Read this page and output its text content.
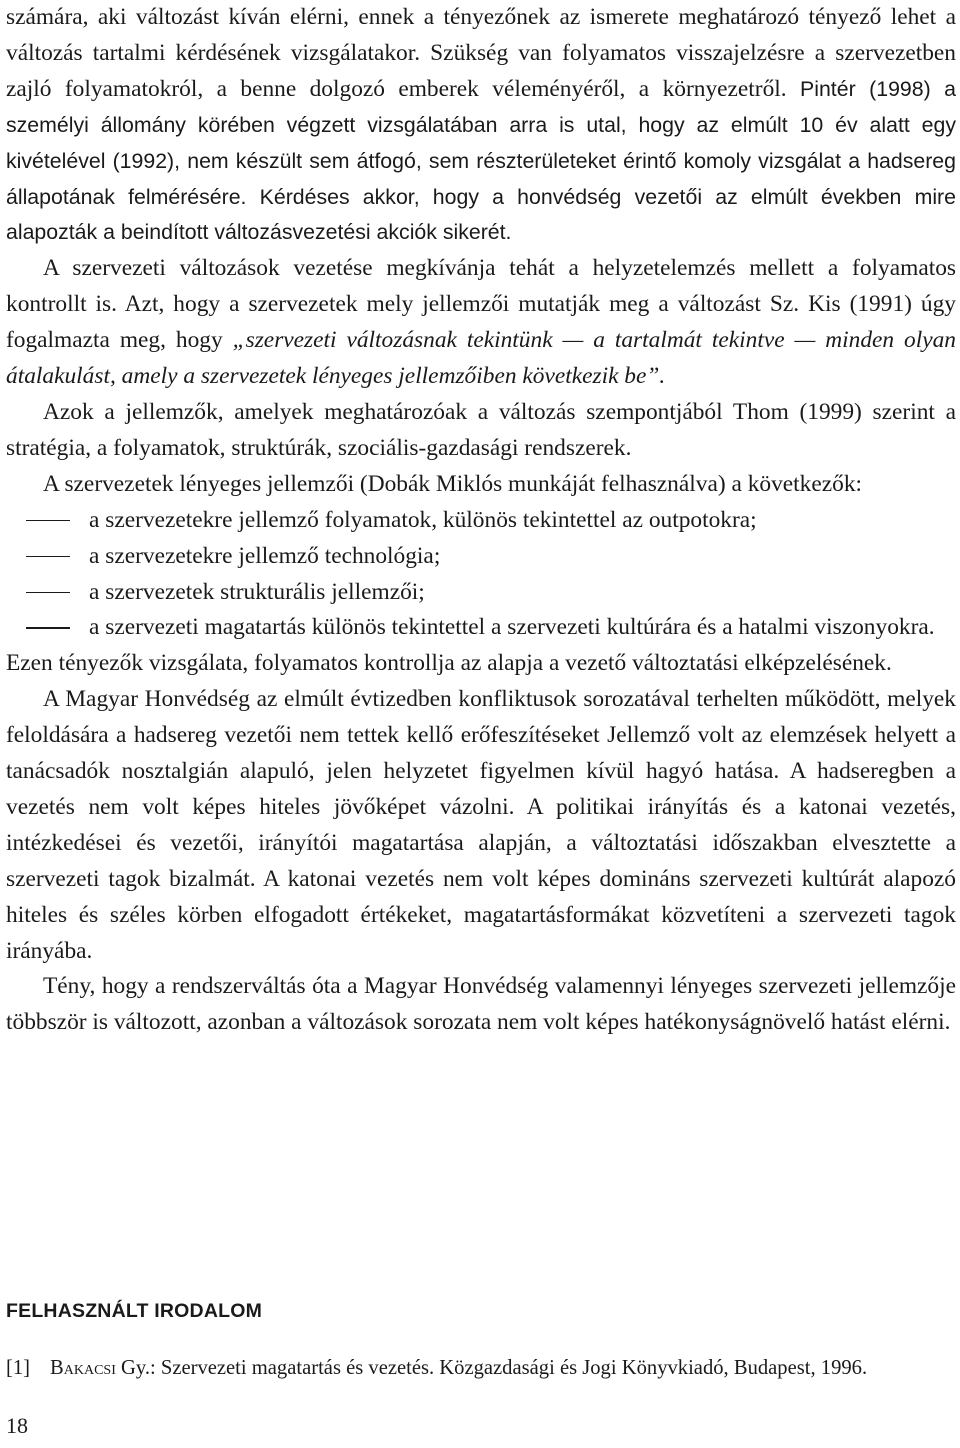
számára, aki változást kíván elérni, ennek a tényezőnek az ismerete meghatározó tényező lehet a változás tartalmi kérdésének vizsgálatakor. Szükség van folyamatos visszajelzésre a szervezetben zajló folyamatokról, a benne dolgozó emberek véleményéről, a környezetről. Pintér (1998) a személyi állomány körében végzett vizsgálatában arra is utal, hogy az elmúlt 10 év alatt egy kivételével (1992), nem készült sem átfogó, sem részterületeket érintő komoly vizsgálat a hadsereg állapotának felmérésére. Kérdéses akkor, hogy a honvédség vezetői az elmúlt években mire alapozták a beindított változásvezetési akciók sikerét.

A szervezeti változások vezetése megkívánja tehát a helyzetelemzés mellett a folyamatos kontrollt is. Azt, hogy a szervezetek mely jellemzői mutatják meg a változást Sz. Kis (1991) úgy fogalmazta meg, hogy „szervezeti változásnak tekintünk — a tartalmát tekintve — minden olyan átalakulást, amely a szervezetek lényeges jellemzőiben következik be”.

Azok a jellemzők, amelyek meghatározóak a változás szempontjából Thom (1999) szerint a stratégia, a folyamatok, struktúrák, szociális-gazdasági rendszerek.

A szervezetek lényeges jellemzői (Dobák Miklós munkáját felhasználva) a következők:

a szervezetekre jellemző folyamatok, különös tekintettel az outpotokra;
a szervezetekre jellemző technológia;
a szervezetek strukturális jellemzői;
a szervezeti magatartás különös tekintettel a szervezeti kultúrára és a hatalmi viszonyokra.

Ezen tényezők vizsgálata, folyamatos kontrollja az alapja a vezető változtatási elképzelésének.

A Magyar Honvédség az elmúlt évtizedben konfliktusok sorozatával terhelten működött, melyek feloldására a hadsereg vezetői nem tettek kellő erőfeszítéseket Jellemző volt az elemzések helyett a tanácsadók nosztalgián alapuló, jelen helyzetet figyelmen kívül hagyó hatása. A hadseregben a vezetés nem volt képes hiteles jövőképet vázolni. A politikai irányítás és a katonai vezetés, intézkedései és vezetői, irányítói magatartása alapján, a változtatási időszakban elvesztette a szervezeti tagok bizalmát. A katonai vezetés nem volt képes domináns szervezeti kultúrát alapozó hiteles és széles körben elfogadott értékeket, magatartásformákat közvetíteni a szervezeti tagok irányába.

Tény, hogy a rendszerváltás óta a Magyar Honvédség valamennyi lényeges szervezeti jellemzője többször is változott, azonban a változások sorozata nem volt képes hatékonyságnövelő hatást elérni.

FELHASZNÁLT IRODALOM
[1] Bakacsi Gy.: Szervezeti magatartás és vezetés. Közgazdasági és Jogi Könyvkiadó, Budapest, 1996.
18
